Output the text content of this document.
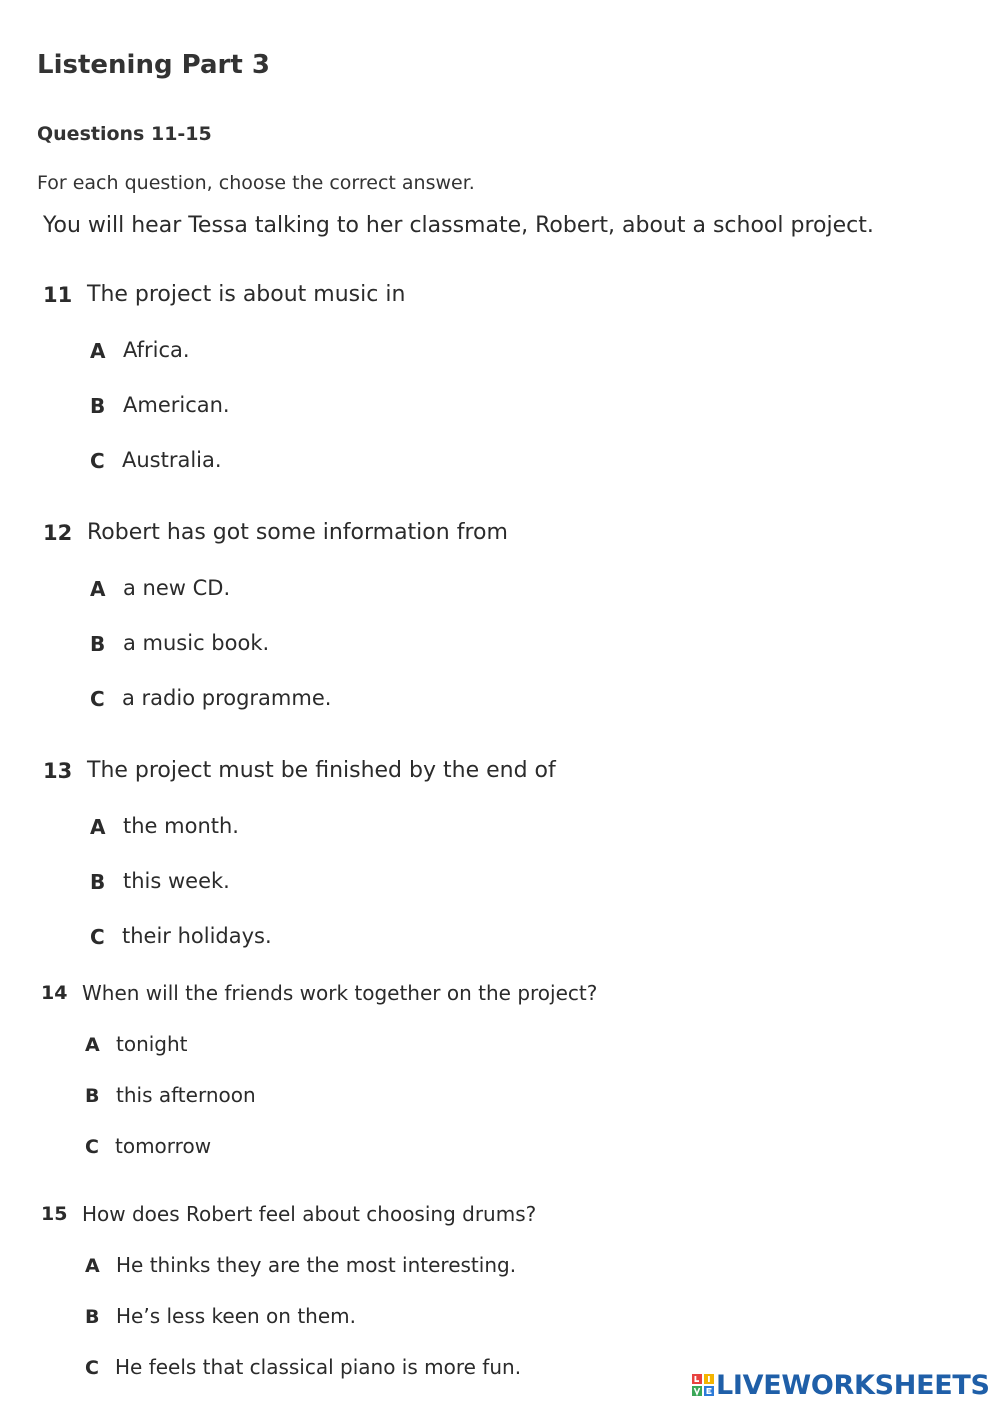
Listening Part 3
Questions 11-15
For each question, choose the correct answer.
You will hear Tessa talking to her classmate, Robert, about a school project.
11 The project is about music in
A Africa.
B American.
C Australia.
12 Robert has got some information from
A a new CD.
B a music book.
C a radio programme.
13 The project must be finished by the end of
A the month.
B this week.
C their holidays.
14 When will the friends work together on the project?
A tonight
B this afternoon
C tomorrow
15 How does Robert feel about choosing drums?
A He thinks they are the most interesting.
B He’s less keen on them.
C He feels that classical piano is more fun.
LIVEWORKSHEETS
